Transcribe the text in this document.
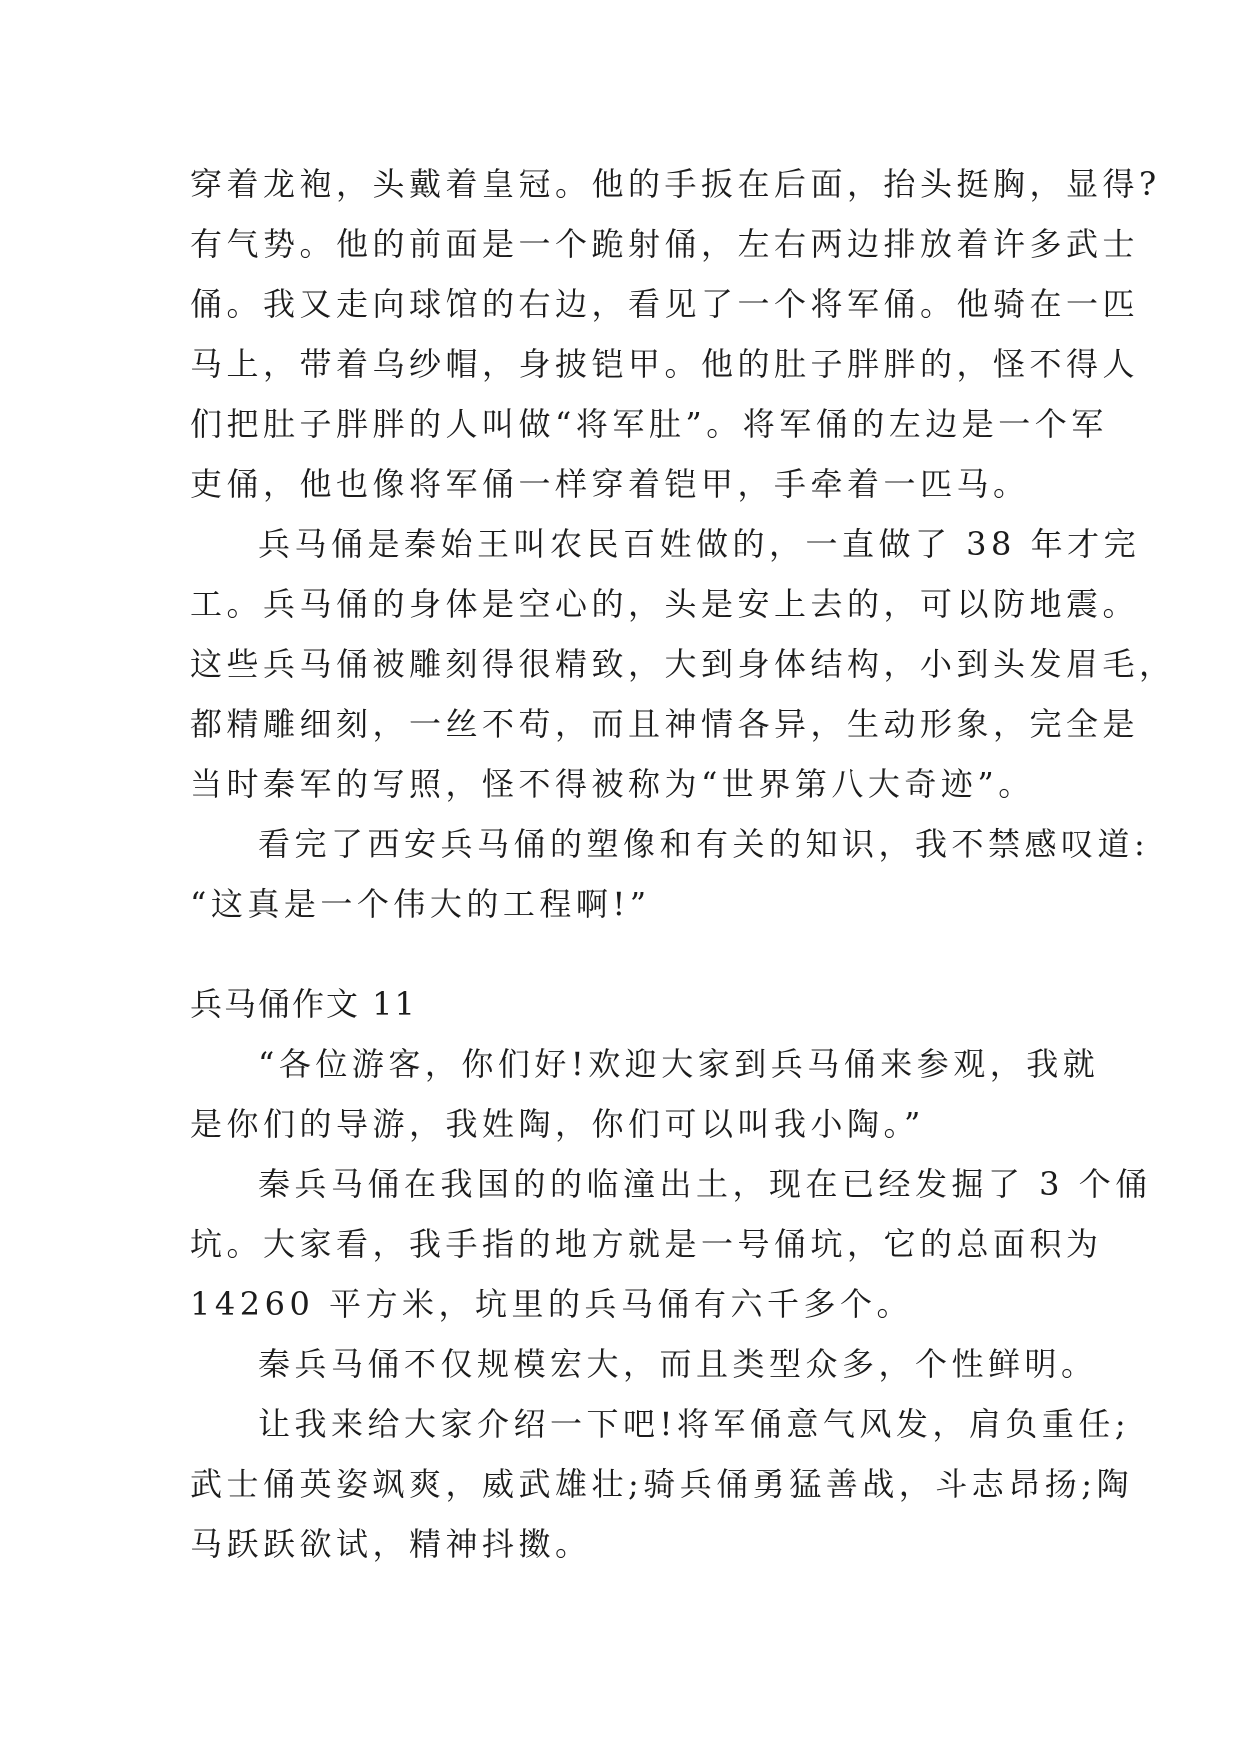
穿着龙袍，头戴着皇冠。他的手扳在后面，抬头挺胸，显得?
有气势。他的前面是一个跪射俑，左右两边排放着许多武士
俑。我又走向球馆的右边，看见了一个将军俑。他骑在一匹
马上，带着乌纱帽，身披铠甲。他的肚子胖胖的，怪不得人
们把肚子胖胖的人叫做“将军肚”。将军俑的左边是一个军
吏俑，他也像将军俑一样穿着铠甲，手牵着一匹马。
兵马俑是秦始王叫农民百姓做的，一直做了 38 年才完
工。兵马俑的身体是空心的，头是安上去的，可以防地震。
这些兵马俑被雕刻得很精致，大到身体结构，小到头发眉毛，
都精雕细刻，一丝不苟，而且神情各异，生动形象，完全是
当时秦军的写照，怪不得被称为“世界第八大奇迹”。
看完了西安兵马俑的塑像和有关的知识，我不禁感叹道:
“这真是一个伟大的工程啊!”
兵马俑作文 11
“各位游客，你们好!欢迎大家到兵马俑来参观，我就
是你们的导游，我姓陶，你们可以叫我小陶。”
秦兵马俑在我国的的临潼出土，现在已经发掘了 3 个俑
坑。大家看，我手指的地方就是一号俑坑，它的总面积为
14260 平方米，坑里的兵马俑有六千多个。
秦兵马俑不仅规模宏大，而且类型众多，个性鲜明。
让我来给大家介绍一下吧!将军俑意气风发，肩负重任;
武士俑英姿飒爽，威武雄壮;骑兵俑勇猛善战，斗志昂扬;陶
马跃跃欲试，精神抖擞。
